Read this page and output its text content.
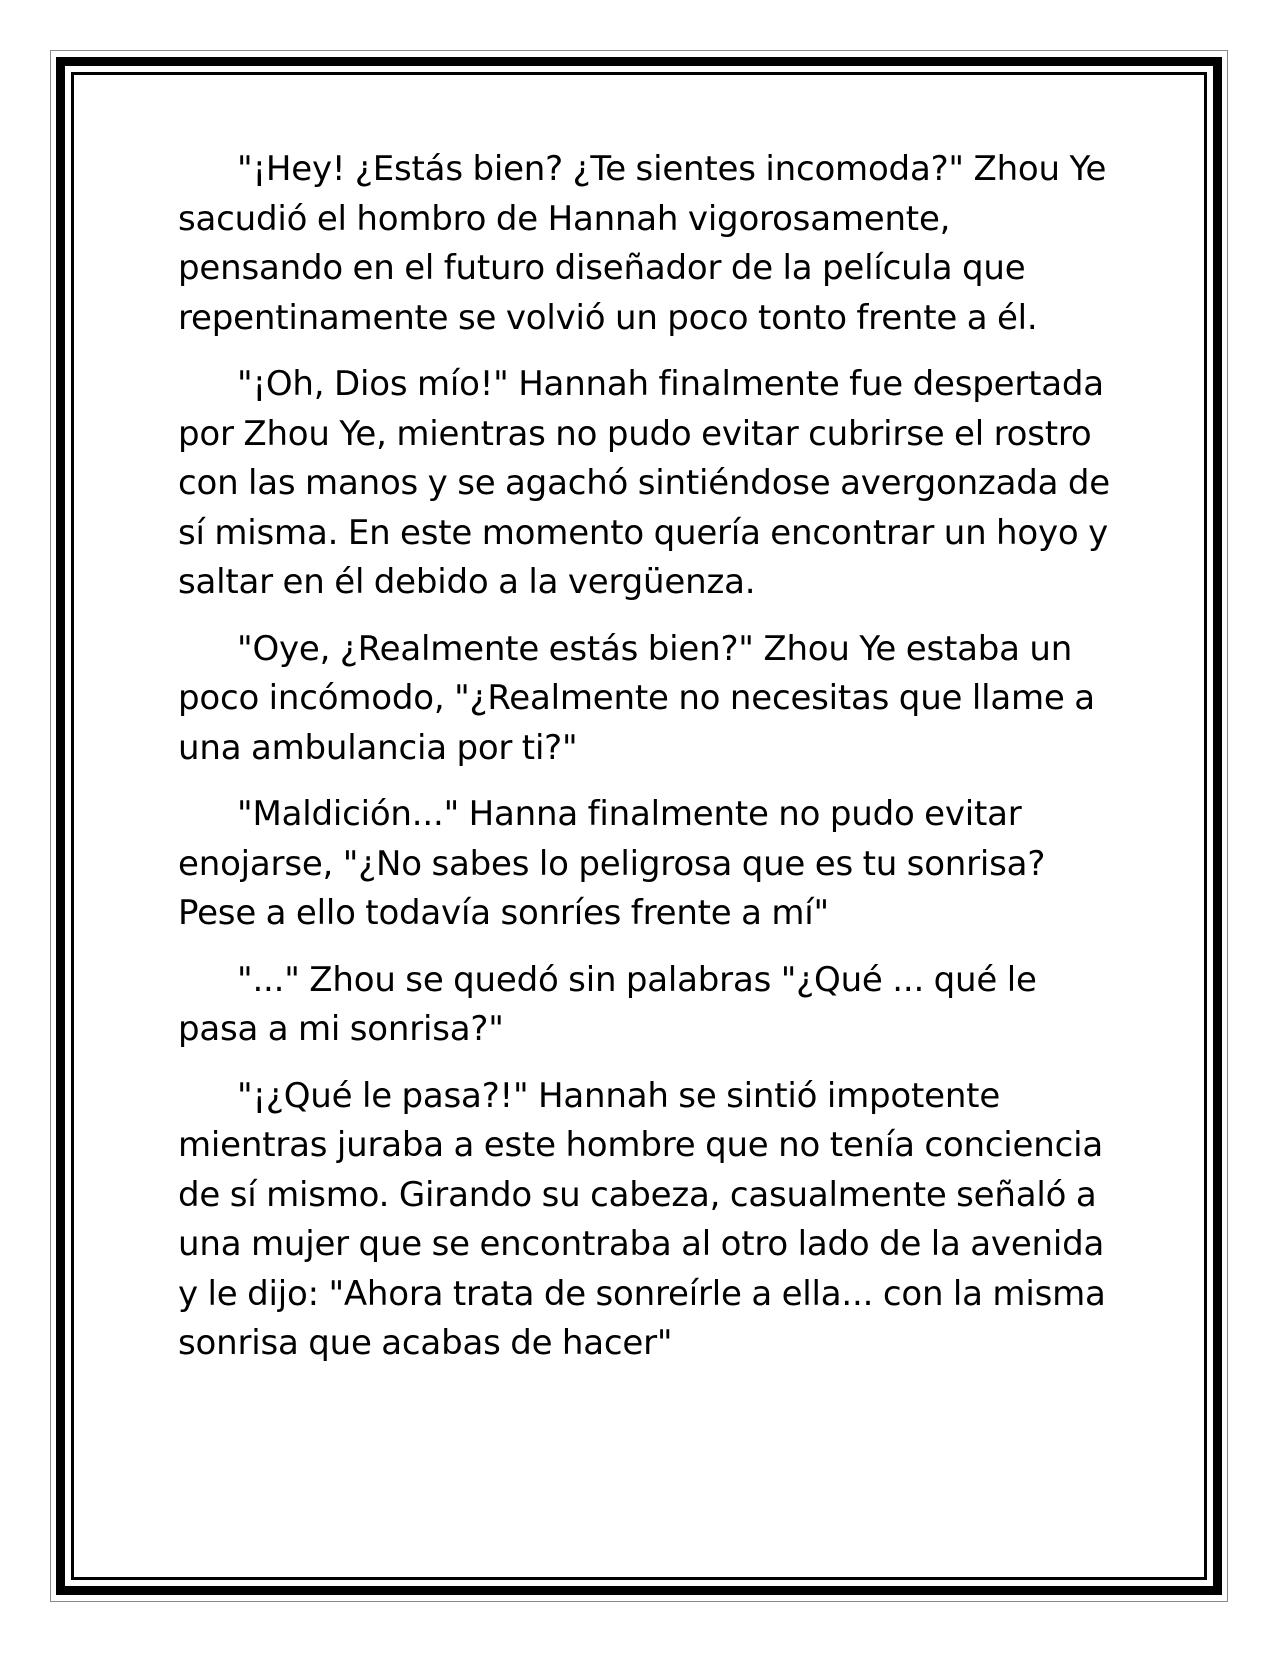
"¡Hey! ¿Estás bien? ¿Te sientes incomoda?" Zhou Ye sacudió el hombro de Hannah vigorosamente, pensando en el futuro diseñador de la película que repentinamente se volvió un poco tonto frente a él.

"¡Oh, Dios mío!" Hannah finalmente fue despertada por Zhou Ye, mientras no pudo evitar cubrirse el rostro con las manos y se agachó sintiéndose avergonzada de sí misma. En este momento quería encontrar un hoyo y saltar en él debido a la vergüenza.

"Oye, ¿Realmente estás bien?" Zhou Ye estaba un poco incómodo, "¿Realmente no necesitas que llame a una ambulancia por ti?"

"Maldición..." Hanna finalmente no pudo evitar enojarse, "¿No sabes lo peligrosa que es tu sonrisa? Pese a ello todavía sonríes frente a mí"

"..." Zhou se quedó sin palabras "¿Qué ... qué le pasa a mi sonrisa?"

"¡¿Qué le pasa?!" Hannah se sintió impotente mientras juraba a este hombre que no tenía conciencia de sí mismo. Girando su cabeza, casualmente señaló a una mujer que se encontraba al otro lado de la avenida y le dijo: "Ahora trata de sonreírle a ella... con la misma sonrisa que acabas de hacer"
